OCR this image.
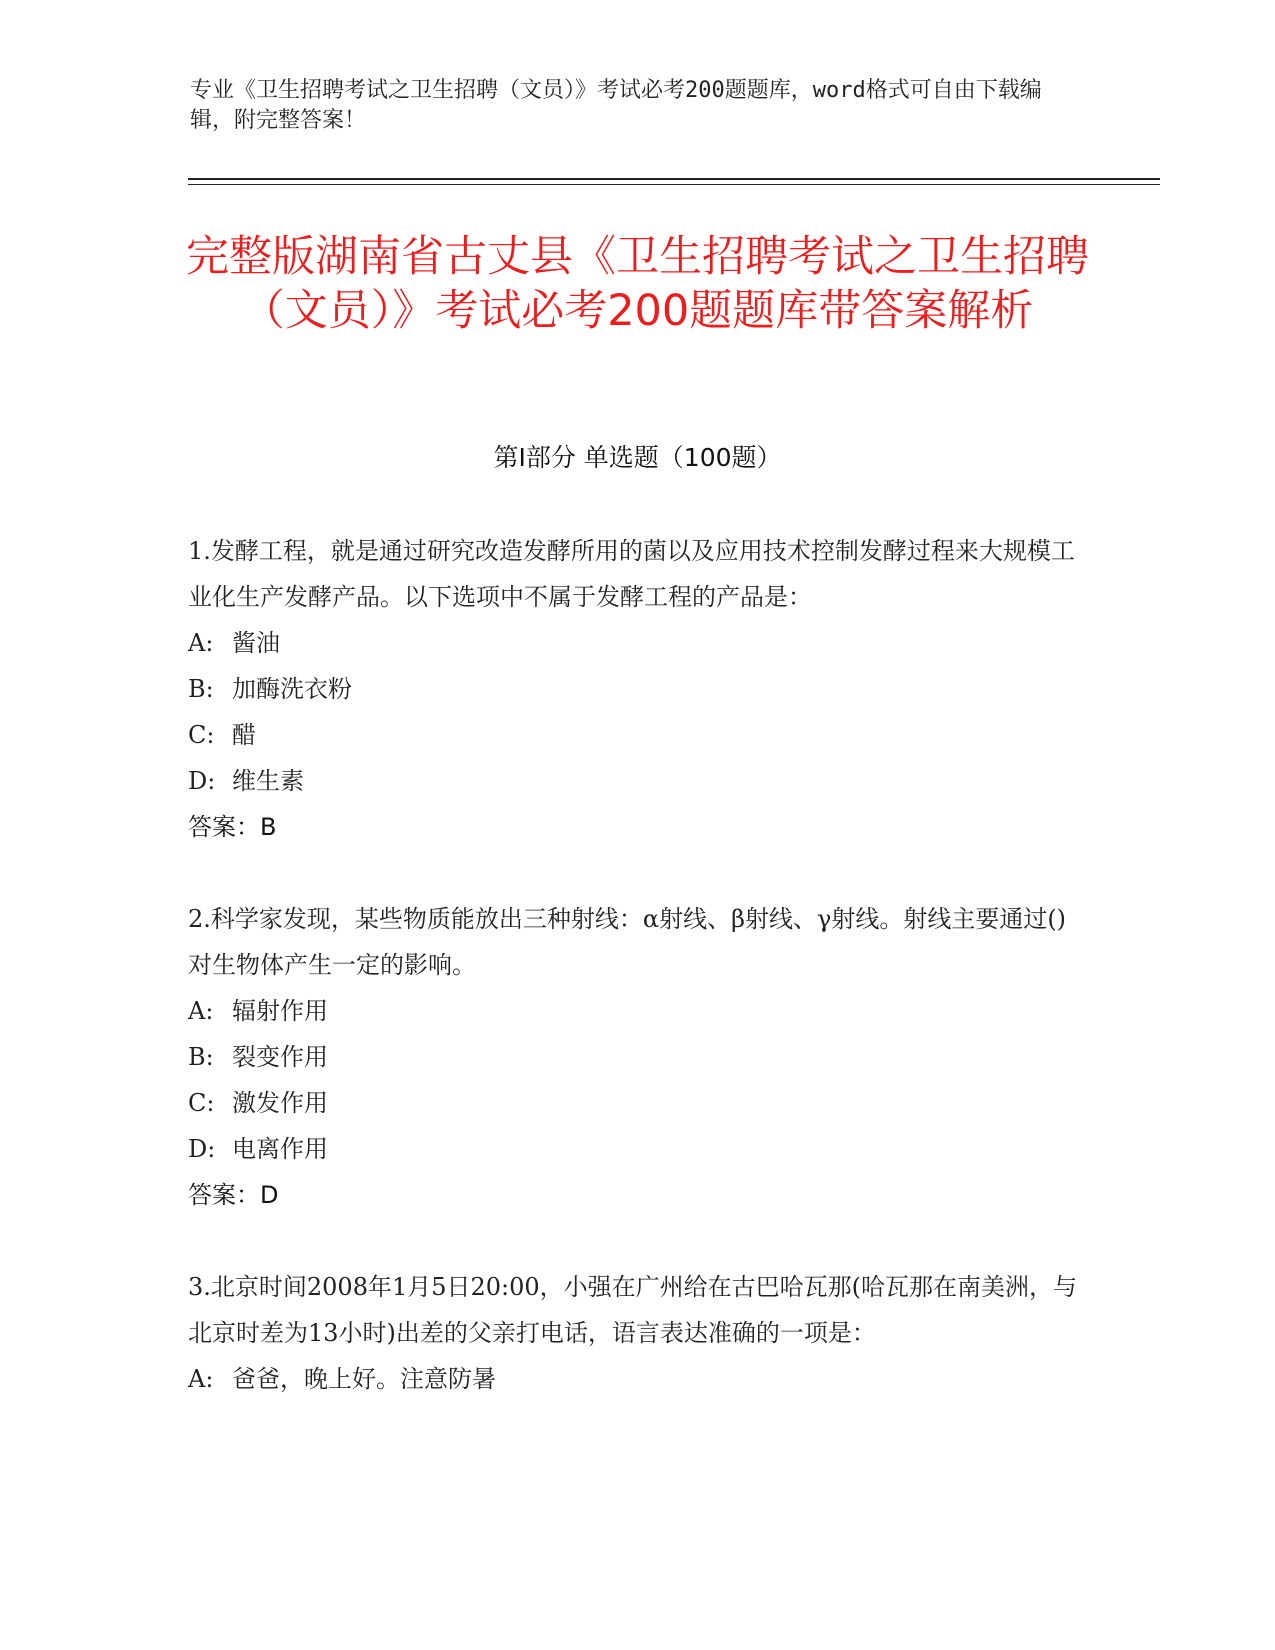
专业《卫生招聘考试之卫生招聘（文员）》考试必考200题题库，word格式可自由下载编辑，附完整答案！
完整版湖南省古丈县《卫生招聘考试之卫生招聘（文员）》考试必考200题题库带答案解析
第Ⅰ部分 单选题（100题）

1.发酵工程，就是通过研究改造发酵所用的菌以及应用技术控制发酵过程来大规模工业化生产发酵产品。以下选项中不属于发酵工程的产品是：

A: 酱油

B: 加酶洗衣粉

C: 醋

D: 维生素

答案：B

2.科学家发现，某些物质能放出三种射线：α射线、β射线、γ射线。射线主要通过()对生物体产生一定的影响。

A: 辐射作用

B: 裂变作用

C: 激发作用

D: 电离作用

答案：D

3.北京时间2008年1月5日20:00，小强在广州给在古巴哈瓦那(哈瓦那在南美洲，与北京时差为13小时)出差的父亲打电话，语言表达准确的一项是：

A: 爸爸，晚上好。注意防暑
